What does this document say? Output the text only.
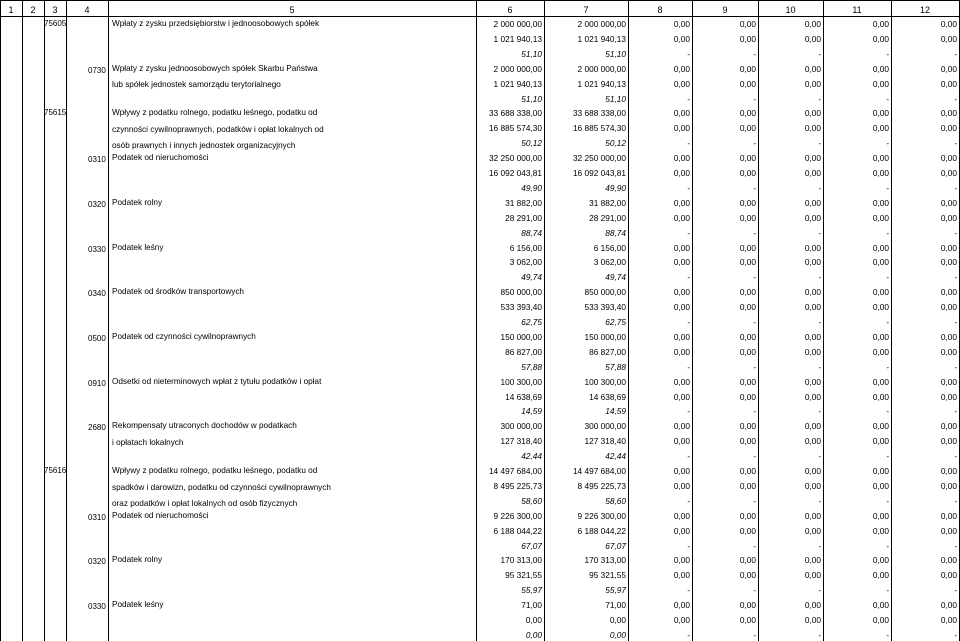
1	2	3	4	5	6	7	8	9	10	11	12
75605	Wpłaty z zysku przedsiębiorstw i jednoosobowych spółek	2 000 000,00	2 000 000,00	0,00	0,00	0,00	0,00	0,00
1 021 940,13	1 021 940,13	0,00	0,00	0,00	0,00	0,00
51,10	51,10	-	-	-	-	-
0730 Wpłaty z zysku jednoosobowych spółek Skarbu Państwa
lub spółek jednostek samorządu terytorialnego
2 000 000,00	2 000 000,00	0,00	0,00	0,00	0,00	0,00
1 021 940,13	1 021 940,13	0,00	0,00	0,00	0,00	0,00
51,10	51,10	-	-	-	-	-
75615	Wpływy z podatku rolnego, podatku leśnego, podatku od
czynności cywilnoprawnych, podatków i opłat lokalnych od
osób prawnych i innych jednostek organizacyjnych
33 688 338,00	33 688 338,00	0,00	0,00	0,00	0,00	0,00
16 885 574,30	16 885 574,30	0,00	0,00	0,00	0,00	0,00
50,12	50,12	-	-	-	-	-
0310 Podatek od nieruchomości	32 250 000,00	32 250 000,00	0,00	0,00	0,00	0,00	0,00
16 092 043,81	16 092 043,81	0,00	0,00	0,00	0,00	0,00
49,90	49,90	-	-	-	-	-
0320 Podatek rolny	31 882,00	31 882,00	0,00	0,00	0,00	0,00	0,00
28 291,00	28 291,00	0,00	0,00	0,00	0,00	0,00
88,74	88,74	-	-	-	-	-
0330 Podatek leśny	6 156,00	6 156,00	0,00	0,00	0,00	0,00	0,00
3 062,00	3 062,00	0,00	0,00	0,00	0,00	0,00
49,74	49,74	-	-	-	-	-
0340 Podatek od środków transportowych	850 000,00	850 000,00	0,00	0,00	0,00	0,00	0,00
533 393,40	533 393,40	0,00	0,00	0,00	0,00	0,00
62,75	62,75	-	-	-	-	-
0500 Podatek od czynności cywilnoprawnych	150 000,00	150 000,00	0,00	0,00	0,00	0,00	0,00
86 827,00	86 827,00	0,00	0,00	0,00	0,00	0,00
57,88	57,88	-	-	-	-	-
0910 Odsetki od nieterminowych wpłat z tytułu podatków i opłat	100 300,00	100 300,00	0,00	0,00	0,00	0,00	0,00
14 638,69	14 638,69	0,00	0,00	0,00	0,00	0,00
14,59	14,59	-	-	-	-	-
2680 Rekompensaty utraconych dochodów w podatkach
i opłatach lokalnych
300 000,00	300 000,00	0,00	0,00	0,00	0,00	0,00
127 318,40	127 318,40	0,00	0,00	0,00	0,00	0,00
42,44	42,44	-	-	-	-	-
75616	Wpływy z podatku rolnego, podatku leśnego, podatku od
spadków i darowizn, podatku od czynności cywilnoprawnych
oraz podatków i opłat lokalnych od osób fizycznych
14 497 684,00	14 497 684,00	0,00	0,00	0,00	0,00	0,00
8 495 225,73	8 495 225,73	0,00	0,00	0,00	0,00	0,00
58,60	58,60	-	-	-	-	-
0310 Podatek od nieruchomości	9 226 300,00	9 226 300,00	0,00	0,00	0,00	0,00	0,00
6 188 044,22	6 188 044,22	0,00	0,00	0,00	0,00	0,00
67,07	67,07	-	-	-	-	-
0320 Podatek rolny	170 313,00	170 313,00	0,00	0,00	0,00	0,00	0,00
95 321,55	95 321,55	0,00	0,00	0,00	0,00	0,00
55,97	55,97	-	-	-	-	-
0330 Podatek leśny	71,00	71,00	0,00	0,00	0,00	0,00	0,00
0,00	0,00	0,00	0,00	0,00	0,00	0,00
0,00	0,00	-	-	-	-	-
